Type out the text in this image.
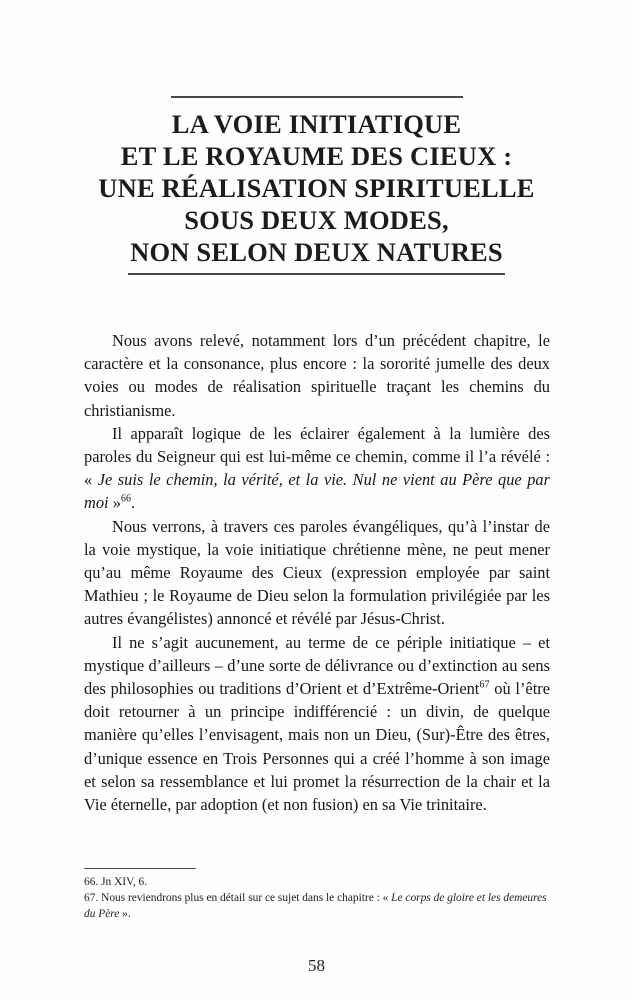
LA VOIE INITIATIQUE
ET LE ROYAUME DES CIEUX :
UNE RÉALISATION SPIRITUELLE
SOUS DEUX MODES,
NON SELON DEUX NATURES

Nous avons relevé, notamment lors d’un précédent chapitre, le caractère et la consonance, plus encore : la sororité jumelle des deux voies ou modes de réalisation spirituelle traçant les chemins du christianisme.

Il apparaît logique de les éclairer également à la lumière des paroles du Seigneur qui est lui-même ce chemin, comme il l’a révélé : « Je suis le chemin, la vérité, et la vie. Nul ne vient au Père que par moi »$^{66}$.

Nous verrons, à travers ces paroles évangéliques, qu’à l’instar de la voie mystique, la voie initiatique chrétienne mène, ne peut mener qu’au même Royaume des Cieux (expression employée par saint Mathieu ; le Royaume de Dieu selon la formulation privilégiée par les autres évangélistes) annoncé et révélé par Jésus-Christ.

Il ne s’agit aucunement, au terme de ce périple initiatique – et mystique d’ailleurs – d’une sorte de délivrance ou d’extinction au sens des philosophies ou traditions d’Orient et d’Extrême-Orient$^{67}$ où l’être doit retourner à un principe indifférencié : un divin, de quelque manière qu’elles l’envisagent, mais non un Dieu, (Sur)-Être des êtres, d’unique essence en Trois Personnes qui a créé l’homme à son image et selon sa ressemblance et lui promet la résurrection de la chair et la Vie éternelle, par adoption (et non fusion) en sa Vie trinitaire.

66. Jn XIV, 6.

67. Nous reviendrons plus en détail sur ce sujet dans le chapitre : « Le corps de gloire et les demeures du Père ».

58
